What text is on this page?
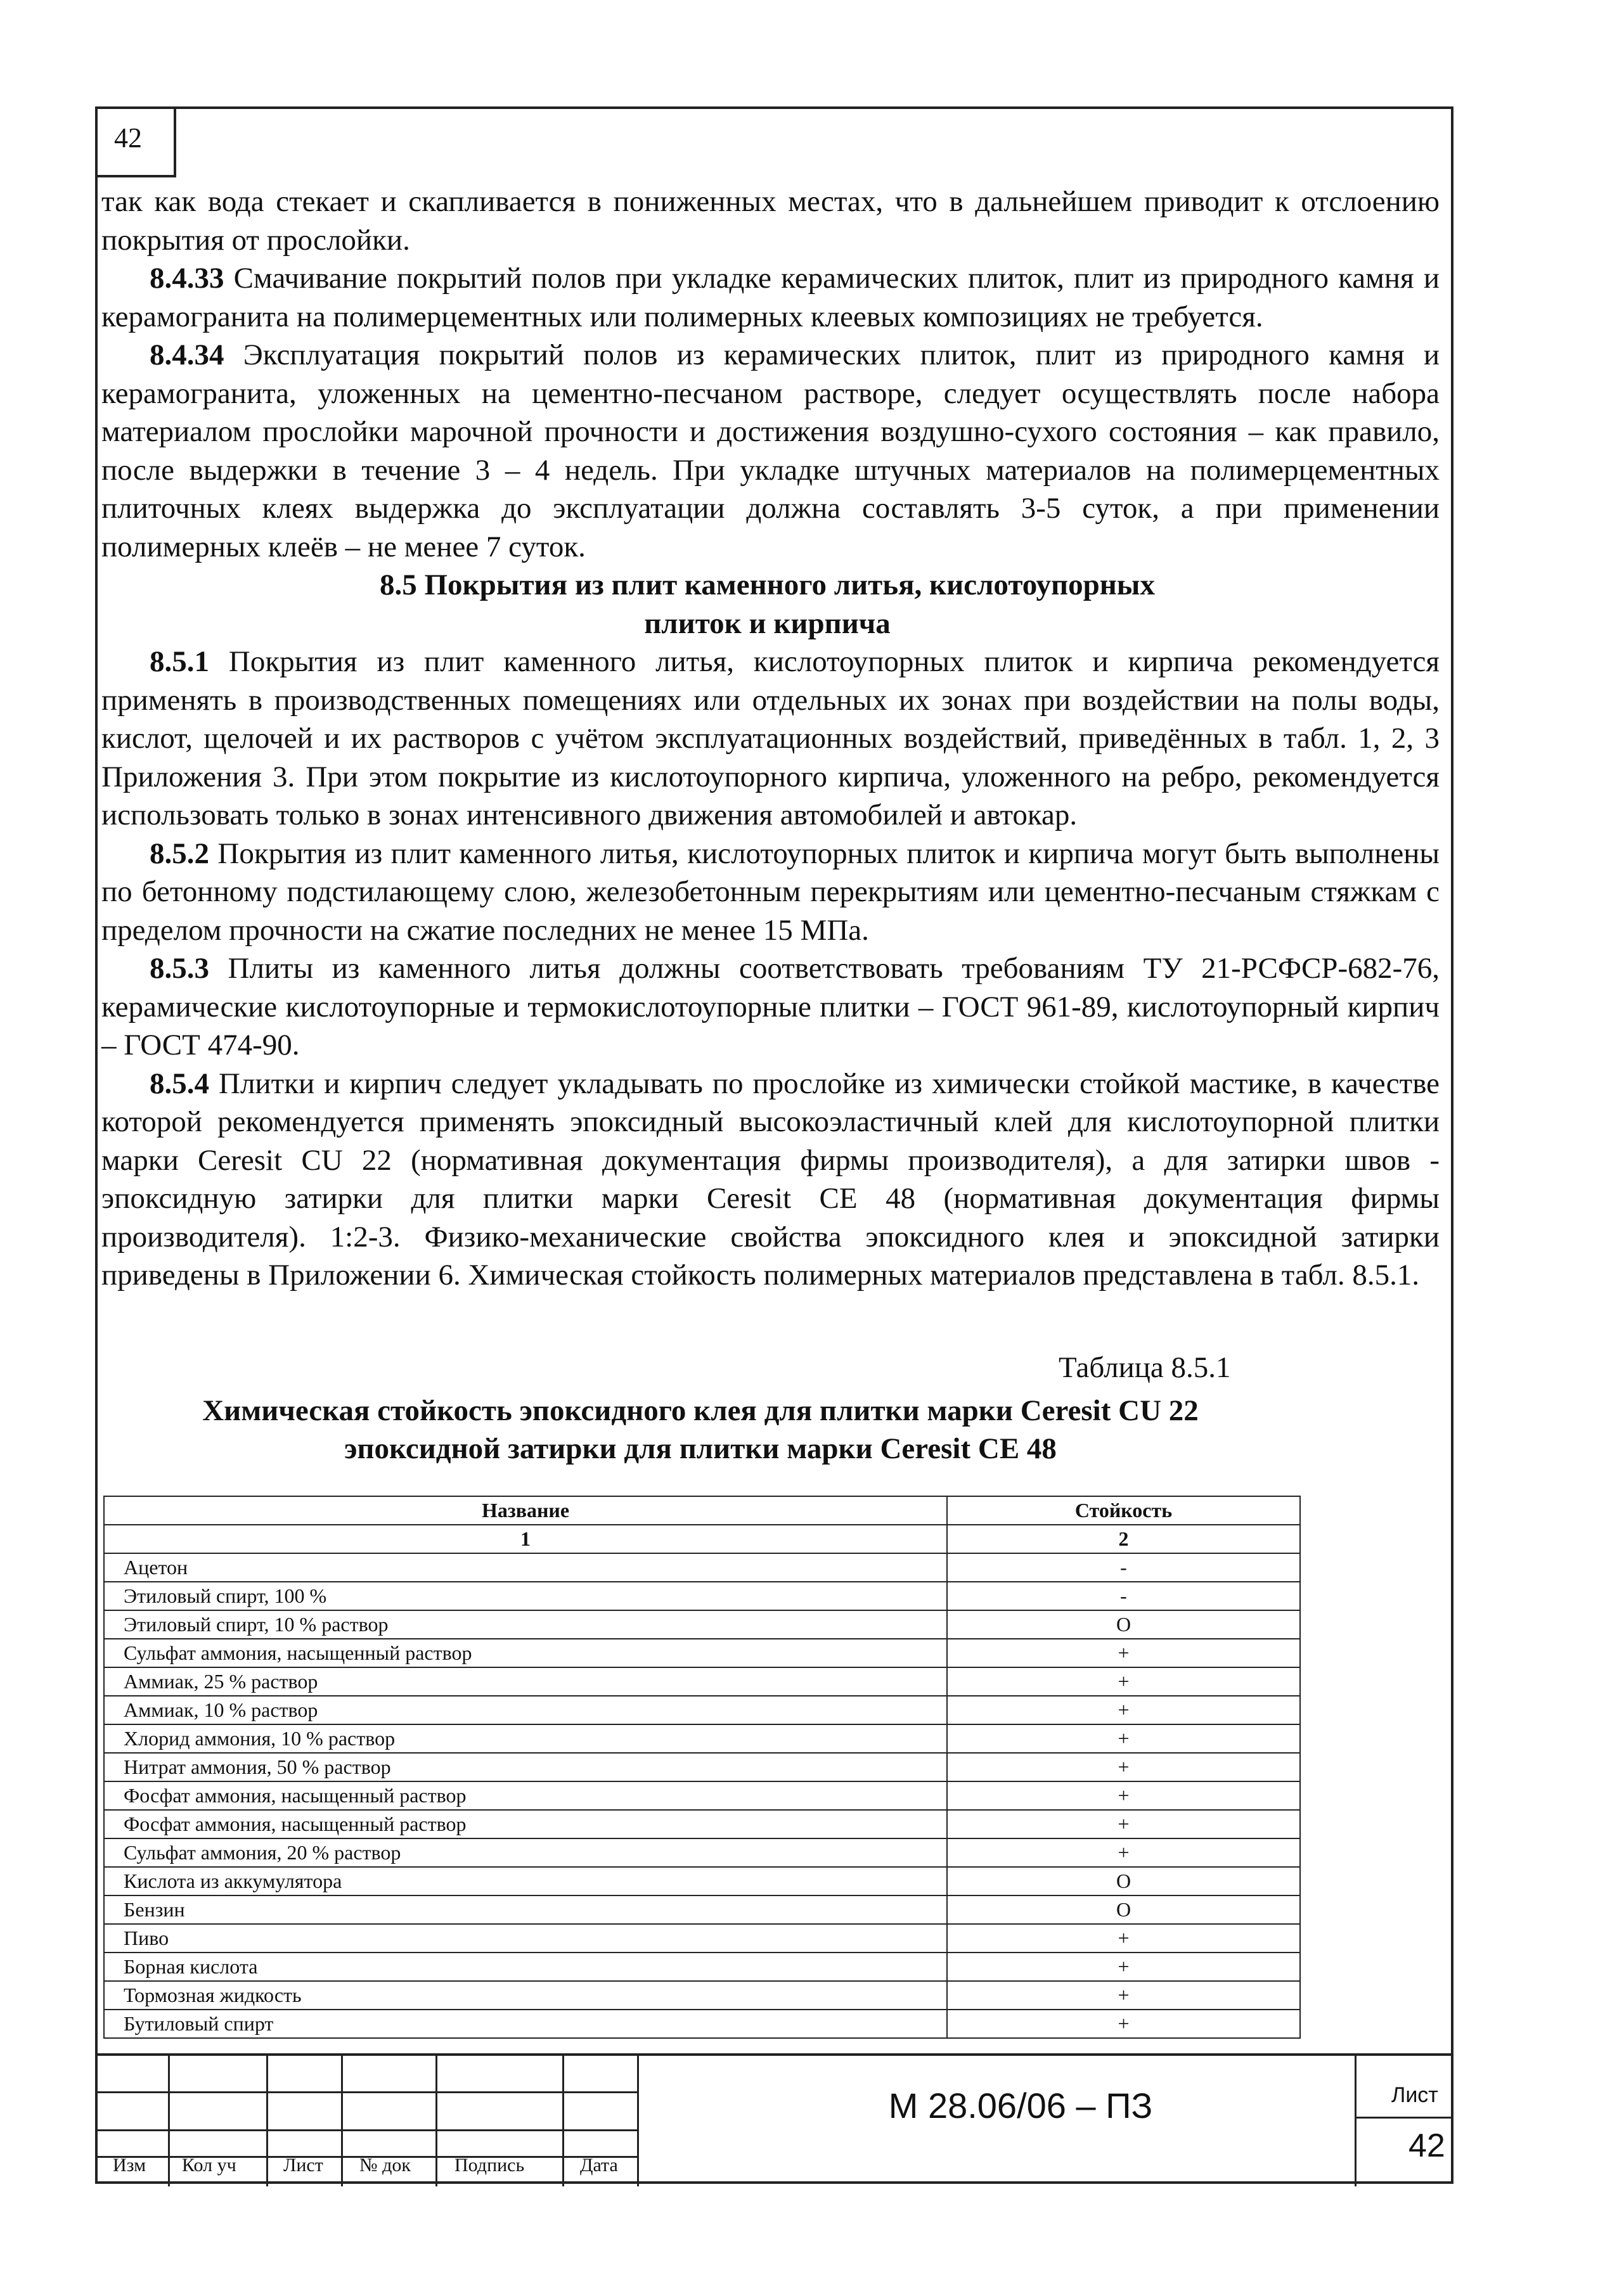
42

так как вода стекает и скапливается в пониженных местах, что в дальнейшем приводит к отслоению покрытия от прослойки.

8.4.33 Смачивание покрытий полов при укладке керамических плиток, плит из природного камня и керамогранита на полимерцементных или полимерных клеевых композициях не требуется.

8.4.34 Эксплуатация покрытий полов из керамических плиток, плит из природного камня и керамогранита, уложенных на цементно-песчаном растворе, следует осуществлять после набора материалом прослойки марочной прочности и достижения воздушно-сухого состояния – как правило, после выдержки в течение 3 – 4 недель. При укладке штучных материалов на полимерцементных плиточных клеях выдержка до эксплуатации должна составлять 3-5 суток, а при применении полимерных клеёв – не менее 7 суток.

8.5 Покрытия из плит каменного литья, кислотоупорных
плиток и кирпича

8.5.1 Покрытия из плит каменного литья, кислотоупорных плиток и кирпича рекомендуется применять в производственных помещениях или отдельных их зонах при воздействии на полы воды, кислот, щелочей и их растворов с учётом эксплуатационных воздействий, приведённых в табл. 1, 2, 3 Приложения 3. При этом покрытие из кислотоупорного кирпича, уложенного на ребро, рекомендуется использовать только в зонах интенсивного движения автомобилей и автокар.

8.5.2 Покрытия из плит каменного литья, кислотоупорных плиток и кирпича могут быть выполнены по бетонному подстилающему слою, железобетонным перекрытиям или цементно-песчаным стяжкам с пределом прочности на сжатие последних не менее 15 МПа.

8.5.3 Плиты из каменного литья должны соответствовать требованиям ТУ 21-РСФСР-682-76, керамические кислотоупорные и термокислотоупорные плитки – ГОСТ 961-89, кислотоупорный кирпич – ГОСТ 474-90.

8.5.4 Плитки и кирпич следует укладывать по прослойке из химически стойкой мастике, в качестве которой рекомендуется применять эпоксидный высокоэластичный клей для кислотоупорной плитки марки Ceresit CU 22 (нормативная документация фирмы производителя), а для затирки швов - эпоксидную затирки для плитки марки Ceresit CE 48 (нормативная документация фирмы производителя). 1:2-3. Физико-механические свойства эпоксидного клея и эпоксидной затирки приведены в Приложении 6. Химическая стойкость полимерных материалов представлена в табл. 8.5.1.

Таблица 8.5.1
Химическая стойкость эпоксидного клея для плитки марки Ceresit CU 22
эпоксидной затирки для плитки марки Ceresit CE 48
Название	Стойкость
1	2
Ацетон	-
Этиловый спирт, 100 %	-
Этиловый спирт, 10 % раствор	O
Сульфат аммония, насыщенный раствор	+
Аммиак, 25 % раствор	+
Аммиак, 10 % раствор	+
Хлорид аммония, 10 % раствор	+
Нитрат аммония, 50 % раствор	+
Фосфат аммония, насыщенный раствор	+
Фосфат аммония, насыщенный раствор	+
Сульфат аммония, 20 % раствор	+
Кислота из аккумулятора	O
Бензин	O
Пиво	+
Борная кислота	+
Тормозная жидкость	+
Бутиловый спирт	+
М 28.06/06 – ПЗ	Лист
42
Изм Кол уч Лист № док Подпись	Дата
